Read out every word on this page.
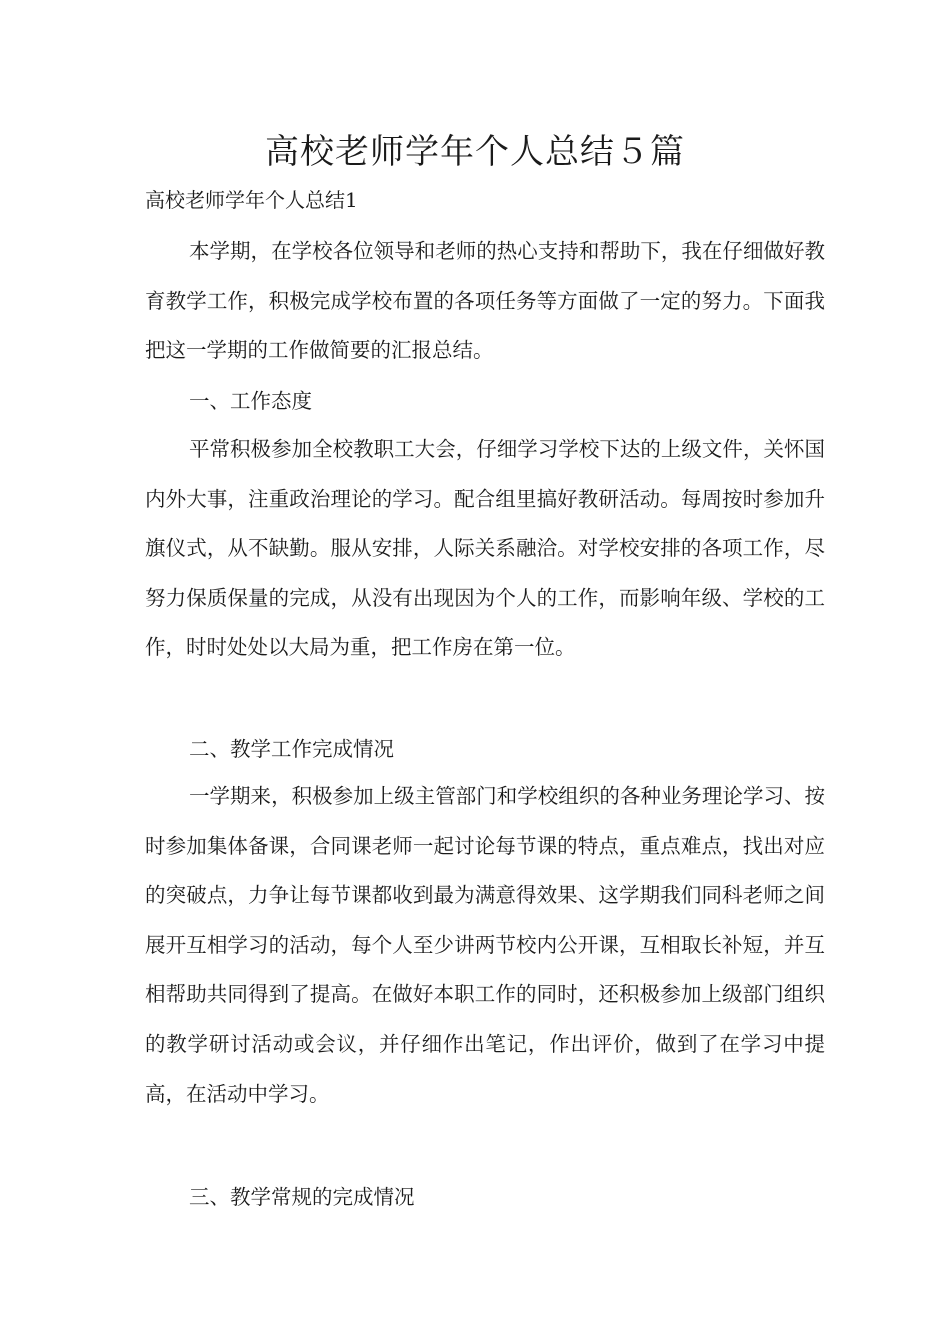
高校老师学年个人总结５篇

高校老师学年个人总结1

本学期，在学校各位领导和老师的热心支持和帮助下，我在仔细做好教育教学工作，积极完成学校布置的各项任务等方面做了一定的努力。下面我把这一学期的工作做简要的汇报总结。

一、工作态度

平常积极参加全校教职工大会，仔细学习学校下达的上级文件，关怀国内外大事，注重政治理论的学习。配合组里搞好教研活动。每周按时参加升旗仪式，从不缺勤。服从安排，人际关系融洽。对学校安排的各项工作，尽努力保质保量的完成，从没有出现因为个人的工作，而影响年级、学校的工作，时时处处以大局为重，把工作房在第一位。

二、教学工作完成情况

一学期来，积极参加上级主管部门和学校组织的各种业务理论学习、按时参加集体备课，合同课老师一起讨论每节课的特点，重点难点，找出对应的突破点，力争让每节课都收到最为满意得效果、这学期我们同科老师之间展开互相学习的活动，每个人至少讲两节校内公开课，互相取长补短，并互相帮助共同得到了提高。在做好本职工作的同时，还积极参加上级部门组织的教学研讨活动或会议，并仔细作出笔记，作出评价，做到了在学习中提高，在活动中学习。

三、教学常规的完成情况
